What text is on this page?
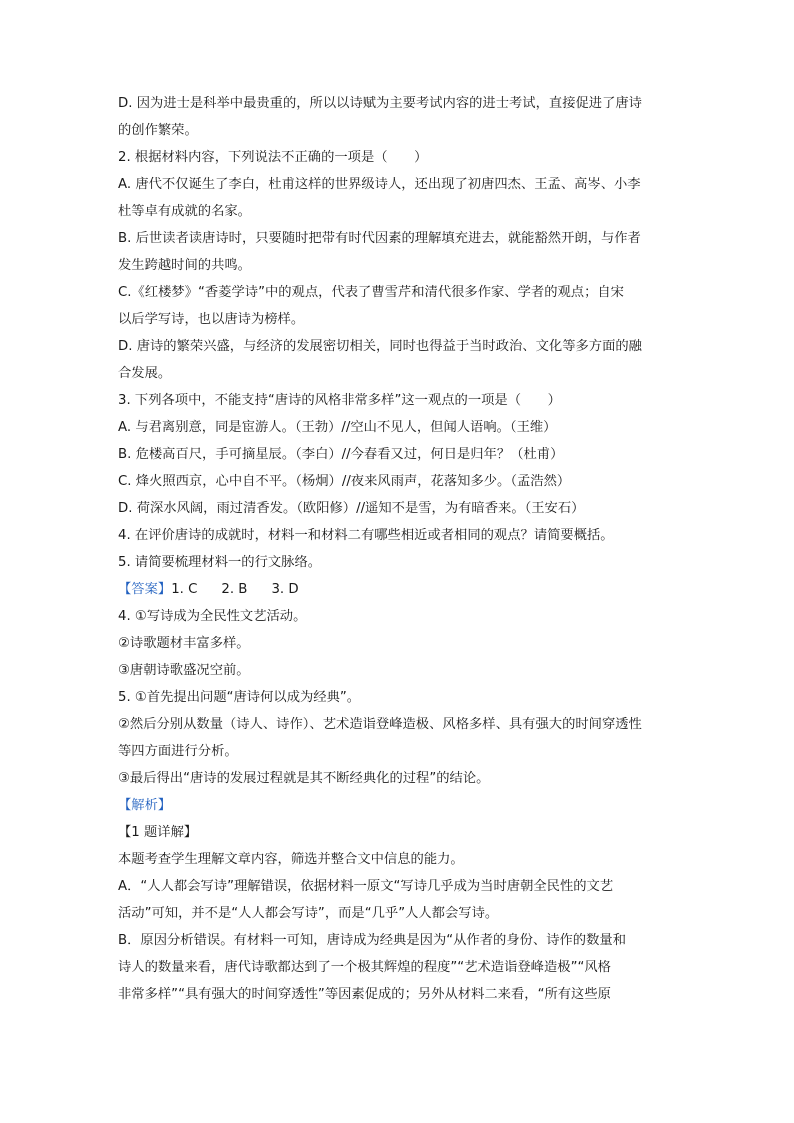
D. 因为进士是科举中最贵重的，所以以诗赋为主要考试内容的进士考试，直接促进了唐诗
的创作繁荣。
2. 根据材料内容，下列说法不正确的一项是（　　）
A. 唐代不仅诞生了李白，杜甫这样的世界级诗人，还出现了初唐四杰、王孟、高岑、小李
杜等卓有成就的名家。
B. 后世读者读唐诗时，只要随时把带有时代因素的理解填充进去，就能豁然开朗，与作者
发生跨越时间的共鸣。
C.《红楼梦》“香菱学诗”中的观点，代表了曹雪芹和清代很多作家、学者的观点；自宋
以后学写诗，也以唐诗为榜样。
D. 唐诗的繁荣兴盛，与经济的发展密切相关，同时也得益于当时政治、文化等多方面的融
合发展。
3. 下列各项中，不能支持“唐诗的风格非常多样”这一观点的一项是（　　）
A. 与君离别意，同是宦游人。（王勃）//空山不见人，但闻人语响。（王维）
B. 危楼高百尺，手可摘星辰。（李白）//今春看又过，何日是归年？（杜甫）
C. 烽火照西京，心中自不平。（杨炯）//夜来风雨声，花落知多少。（孟浩然）
D. 荷深水风阔，雨过清香发。（欧阳修）//遥知不是雪，为有暗香来。（王安石）
4. 在评价唐诗的成就时，材料一和材料二有哪些相近或者相同的观点？请简要概括。
5. 请简要梳理材料一的行文脉络。
【答案】1. C 2. B 3. D
4. ①写诗成为全民性文艺活动。
②诗歌题材丰富多样。
③唐朝诗歌盛况空前。
5. ①首先提出问题“唐诗何以成为经典”。
②然后分别从数量（诗人、诗作）、艺术造诣登峰造极、风格多样、具有强大的时间穿透性
等四方面进行分析。
③最后得出“唐诗的发展过程就是其不断经典化的过程”的结论。
【解析】
【1 题详解】
本题考查学生理解文章内容，筛选并整合文中信息的能力。
A．“人人都会写诗”理解错误，依据材料一原文“写诗几乎成为当时唐朝全民性的文艺
活动”可知，并不是“人人都会写诗”，而是“几乎”人人都会写诗。
B．原因分析错误。有材料一可知，唐诗成为经典是因为“从作者的身份、诗作的数量和
诗人的数量来看，唐代诗歌都达到了一个极其辉煌的程度”“艺术造诣登峰造极”“风格
非常多样”“具有强大的时间穿透性”等因素促成的；另外从材料二来看，“所有这些原
